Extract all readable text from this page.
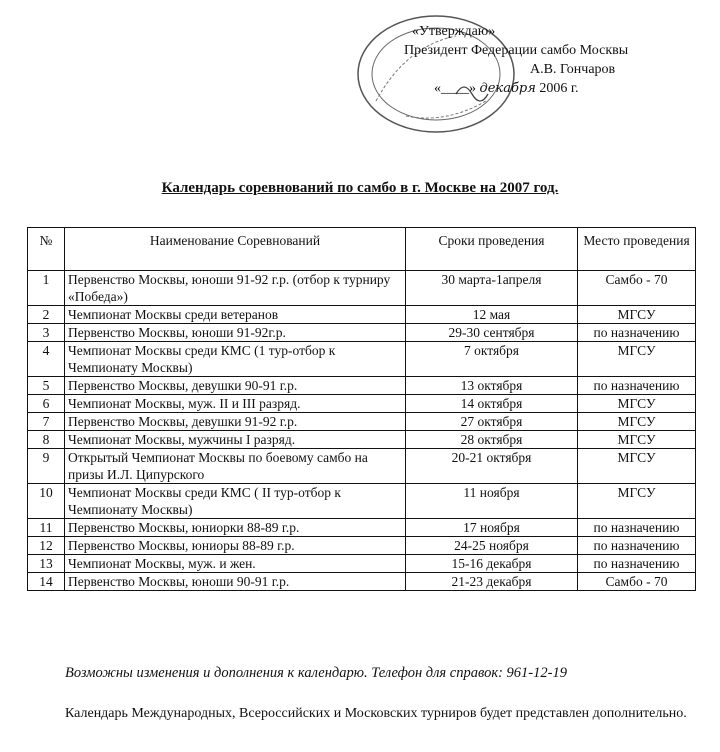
«Утверждаю»
Президент Федерации самбо Москвы
А.В. Гончаров
«____» декабря 2006 г.
Календарь соревнований по самбо в г. Москве на 2007 год.
№	Наименование Соревнований	Сроки проведения	Место проведения
1	Первенство Москвы, юноши 91-92 г.р. (отбор к турниру «Победа»)	30 марта-1апреля	Самбо - 70
2	Чемпионат Москвы среди ветеранов	12 мая	МГСУ
3	Первенство Москвы, юноши 91-92г.р.	29-30 сентября	по назначению
4	Чемпионат Москвы среди КМС (1 тур-отбор к Чемпионату Москвы)	7 октября	МГСУ
5	Первенство Москвы, девушки 90-91 г.р.	13 октября	по назначению
6	Чемпионат Москвы, муж. II и III разряд.	14 октября	МГСУ
7	Первенство Москвы, девушки 91-92 г.р.	27 октября	МГСУ
8	Чемпионат Москвы, мужчины I разряд.	28 октября	МГСУ
9	Открытый Чемпионат Москвы по боевому самбо на призы И.Л. Ципурского	20-21 октября	МГСУ
10	Чемпионат Москвы среди КМС ( II тур-отбор к Чемпионату Москвы)	11 ноября	МГСУ
11	Первенство Москвы, юниорки 88-89 г.р.	17 ноября	по назначению
12	Первенство Москвы, юниоры 88-89 г.р.	24-25 ноября	по назначению
13	Чемпионат Москвы, муж. и жен.	15-16 декабря	по назначению
14	Первенство Москвы, юноши 90-91 г.р.	21-23 декабря	Самбо - 70
Возможны изменения и дополнения к календарю. Телефон для справок: 961-12-19
Календарь Международных, Всероссийских и Московских турниров будет представлен дополнительно.
